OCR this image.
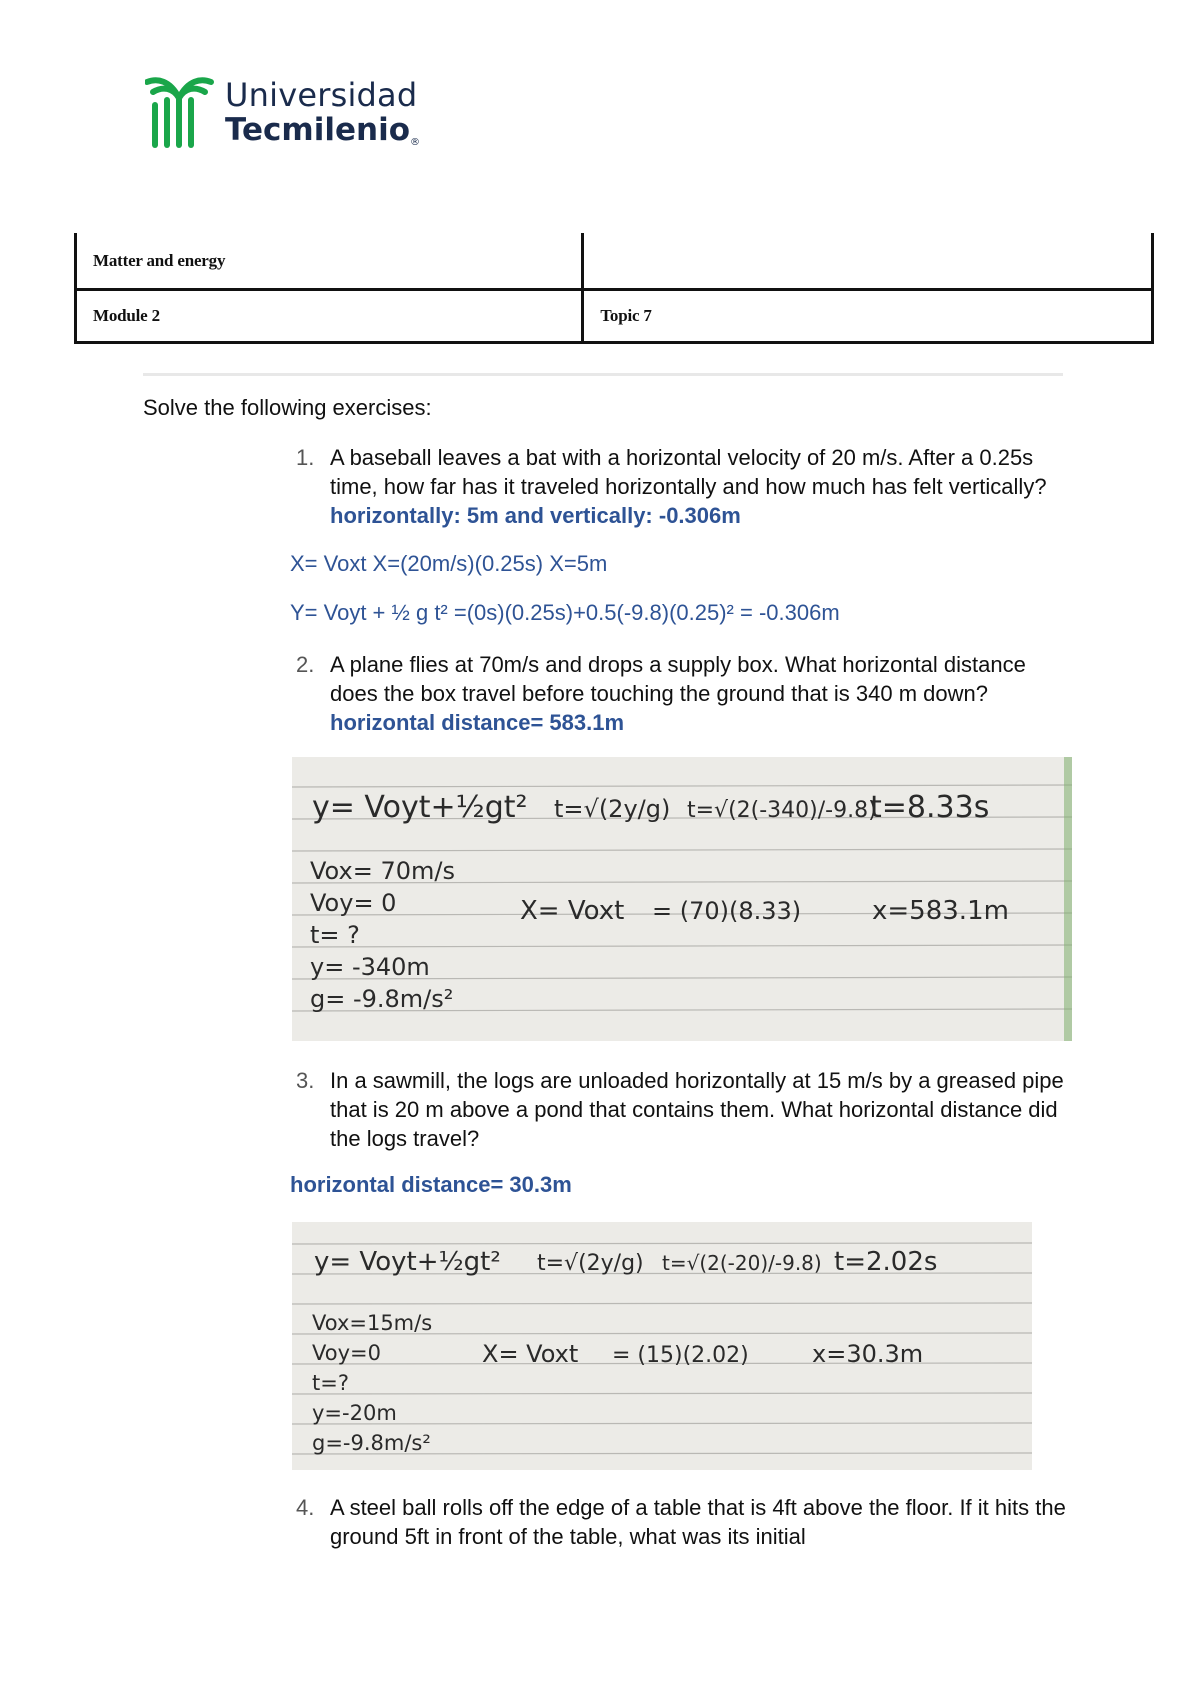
Universidad
Tecmilenio®
Matter and energy	
Module 2	Topic 7
Solve the following exercises:
1. A baseball leaves a bat with a horizontal velocity of 20 m/s. After a 0.25s time, how far has it traveled horizontally and how much has felt vertically? horizontally: 5m and vertically: -0.306m
X= Voxt X=(20m/s)(0.25s) X=5m
Y= Voyt + ½ g t² =(0s)(0.25s)+0.5(-9.8)(0.25)² = -0.306m
2. A plane flies at 70m/s and drops a supply box. What horizontal distance does the box travel before touching the ground that is 340 m down? horizontal distance= 583.1m
y= Voyt+½gt² t=√(2y/g) t=√(2(-340)/-9.8)
t=8.33s
Vox= 70m/s
Voy= 0
t= ?
y= -340m
g= -9.8m/s²
X= Voxt = (70)(8.33)	x=583.1m
3. In a sawmill, the logs are unloaded horizontally at 15 m/s by a greased pipe that is 20 m above a pond that contains them. What horizontal distance did the logs travel?
horizontal distance= 30.3m
y= Voyt+½gt² t=√(2y/g) t=√(2(-20)/-9.8) t=2.02s
Vox=15m/s
Voy=0
t=?
y=-20m
g=-9.8m/s²
X= Voxt = (15)(2.02)	x=30.3m
4. A steel ball rolls off the edge of a table that is 4ft above the floor. If it hits the ground 5ft in front of the table, what was its initial
